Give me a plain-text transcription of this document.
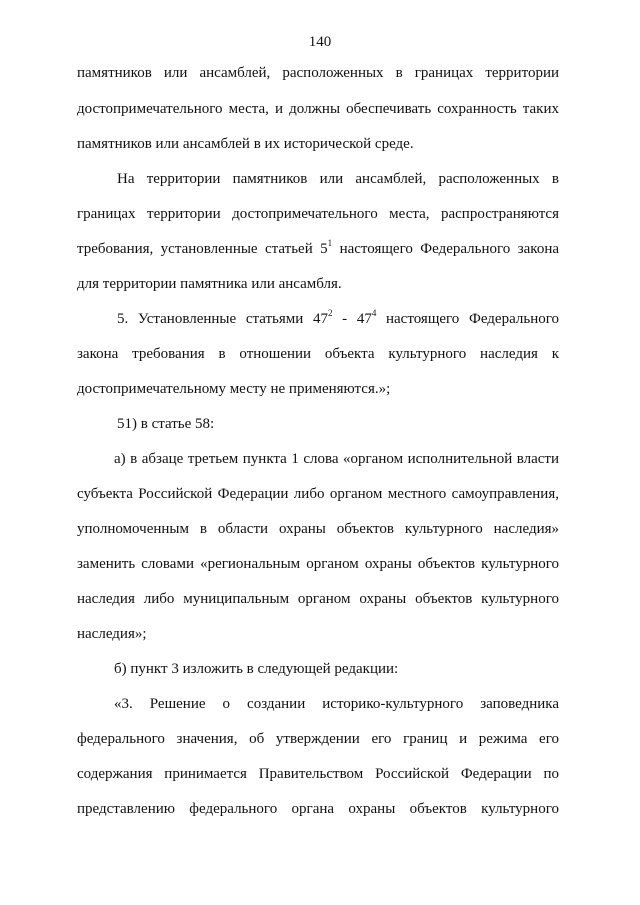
140
памятников или ансамблей, расположенных в границах территории
достопримечательного места, и должны обеспечивать сохранность таких
памятников или ансамблей в их исторической среде.
На территории памятников или ансамблей, расположенных в
границах территории достопримечательного места, распространяются
требования, установленные статьей $5^1$ настоящего Федерального закона
для территории памятника или ансамбля.
5. Установленные статьями $47^2 - 47^4$ настоящего Федерального
закона требования в отношении объекта культурного наследия к
достопримечательному месту не применяются.»;
51) в статье 58:
а) в абзаце третьем пункта 1 слова «органом исполнительной власти
субъекта Российской Федерации либо органом местного самоуправления,
уполномоченным в области охраны объектов культурного наследия»
заменить словами «региональным органом охраны объектов культурного
наследия либо муниципальным органом охраны объектов культурного
наследия»;
б) пункт 3 изложить в следующей редакции:
«3. Решение о создании историко-культурного заповедника
федерального значения, об утверждении его границ и режима его
содержания принимается Правительством Российской Федерации по
представлению федерального органа охраны объектов культурного
